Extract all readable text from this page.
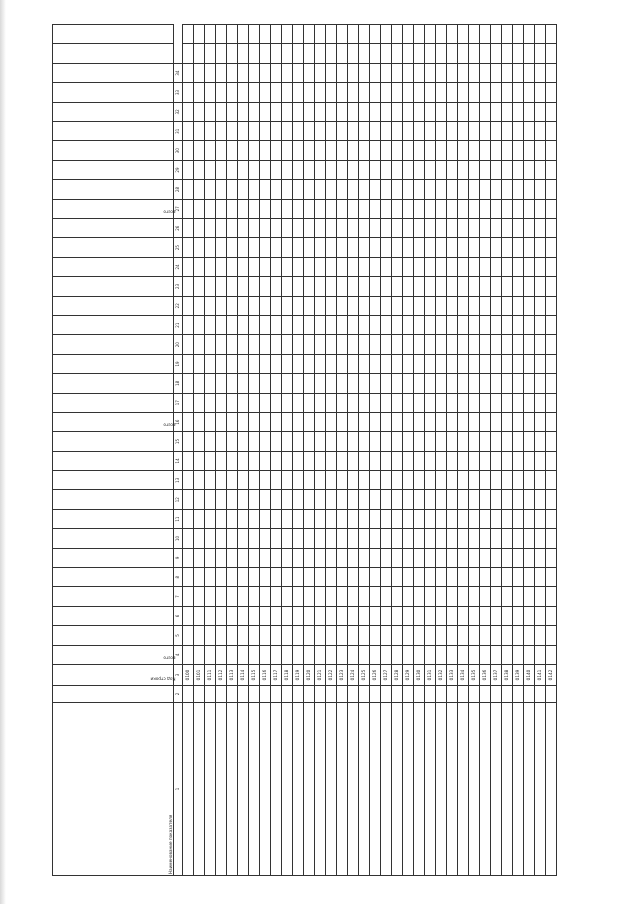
Наименование показателя		Код строки	всего												всего											всего									

1	2	3	4	5	6	7	8	9	10	11	12	13	14	15	16	17	18	19	20	21	22	23	24	25	26	27	28	29	30	31	32	33	34		
		0100																																	
		0101																																	
		0111																																	
		0112																																	
		0113																																	
		0114																																	
		0115																																	
		0116																																	
		0117																																	
		0118																																	
		0119																																	
		0120																																	
		0121																																	
		0122																																	
		0123																																	
		0124																																	
		0125																																	
		0126																																	
		0127																																	
		0128																																	
		0129																																	
		0130																																	
		0131																																	
		0132																																	
		0133																																	
		0134																																	
		0135																																	
		0136																																	
		0137																																	
		0138																																	
		0139																																	
		0140																																	
		0141																																	
		0142																																	
